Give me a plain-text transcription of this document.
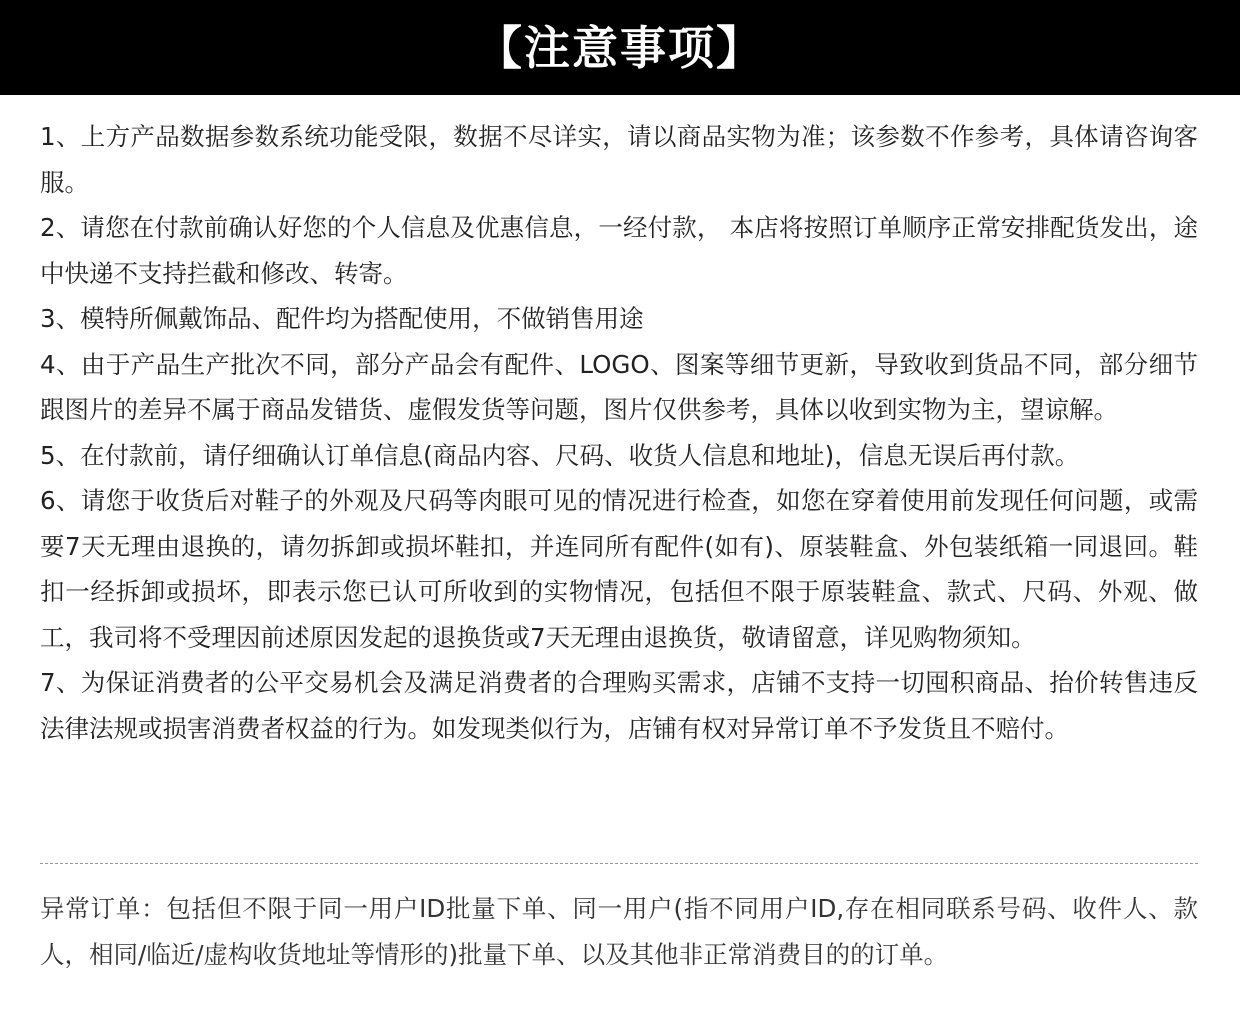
【注意事项】

1、上方产品数据参数系统功能受限，数据不尽详实，请以商品实物为准；该参数不作参考，具体请咨询客服。

2、请您在付款前确认好您的个人信息及优惠信息，一经付款， 本店将按照订单顺序正常安排配货发出，途中快递不支持拦截和修改、转寄。

3、模特所佩戴饰品、配件均为搭配使用，不做销售用途

4、由于产品生产批次不同，部分产品会有配件、LOGO、图案等细节更新，导致收到货品不同，部分细节跟图片的差异不属于商品发错货、虚假发货等问题，图片仅供参考，具体以收到实物为主，望谅解。

5、在付款前，请仔细确认订单信息(商品内容、尺码、收货人信息和地址)，信息无误后再付款。

6、请您于收货后对鞋子的外观及尺码等肉眼可见的情况进行检查，如您在穿着使用前发现任何问题，或需要7天无理由退换的，请勿拆卸或损坏鞋扣，并连同所有配件(如有)、原装鞋盒、外包装纸箱一同退回。鞋扣一经拆卸或损坏，即表示您已认可所收到的实物情况，包括但不限于原装鞋盒、款式、尺码、外观、做工，我司将不受理因前述原因发起的退换货或7天无理由退换货，敬请留意，详见购物须知。

7、为保证消费者的公平交易机会及满足消费者的合理购买需求，店铺不支持一切囤积商品、抬价转售违反法律法规或损害消费者权益的行为。如发现类似行为，店铺有权对异常订单不予发货且不赔付。

异常订单：包括但不限于同一用户ID批量下单、同一用户(指不同用户ID,存在相同联系号码、收件人、款人，相同/临近/虚构收货地址等情形的)批量下单、以及其他非正常消费目的的订单。
